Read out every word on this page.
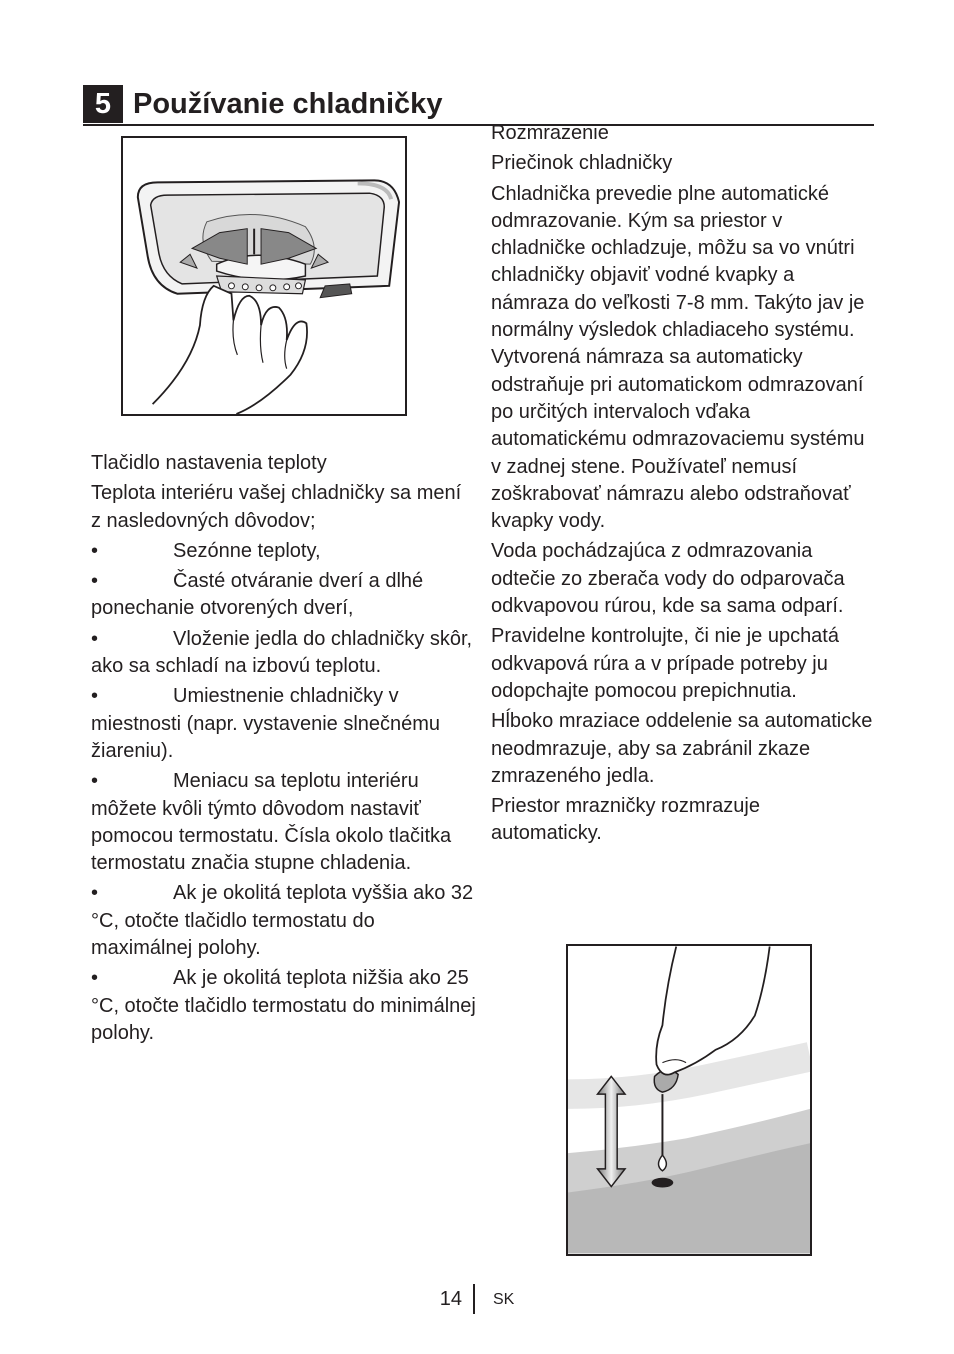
5 Používanie chladničky

Tlačidlo nastavenia teploty

Teplota interiéru vašej chladničky sa mení z nasledovných dôvodov;

•	Sezónne teploty,

•	Časté otváranie dverí a dlhé ponechanie otvorených dverí,

•	Vloženie jedla do chladničky skôr, ako sa schladí na izbovú teplotu.

•	Umiestnenie chladničky v miestnosti (napr. vystavenie slnečnému žiareniu).

•	Meniacu sa teplotu interiéru môžete kvôli týmto dôvodom nastaviť pomocou termostatu. Čísla okolo tlačitka termostatu značia stupne chladenia.

•	Ak je okolitá teplota vyššia ako 32 °C, otočte tlačidlo termostatu do maximálnej polohy.

•	Ak je okolitá teplota nižšia ako 25 °C, otočte tlačidlo termostatu do minimálnej polohy.

Rozmrazenie

Priečinok chladničky

Chladnička prevedie plne automatické odmrazovanie. Kým sa priestor v chladničke ochladzuje, môžu sa vo vnútri chladničky objaviť vodné kvapky a námraza do veľkosti 7-8 mm. Takýto jav je normálny výsledok chladiaceho systému. Vytvorená námraza sa automaticky odstraňuje pri automatickom odmrazovaní po určitých intervaloch vďaka automatickému odmrazovaciemu systému v zadnej stene. Používateľ nemusí zoškrabovať námrazu alebo odstraňovať kvapky vody.

Voda pochádzajúca z odmrazovania odtečie zo zberača vody do odparovača odkvapovou rúrou, kde sa sama odparí.

Pravidelne kontrolujte, či nie je upchatá odkvapová rúra a v prípade potreby ju odopchajte pomocou prepichnutia.

Hĺboko mraziace oddelenie sa automaticke neodmrazuje, aby sa zabránil zkaze zmrazeného jedla.

Priestor mrazničky rozmrazuje automaticky.

14 SK
